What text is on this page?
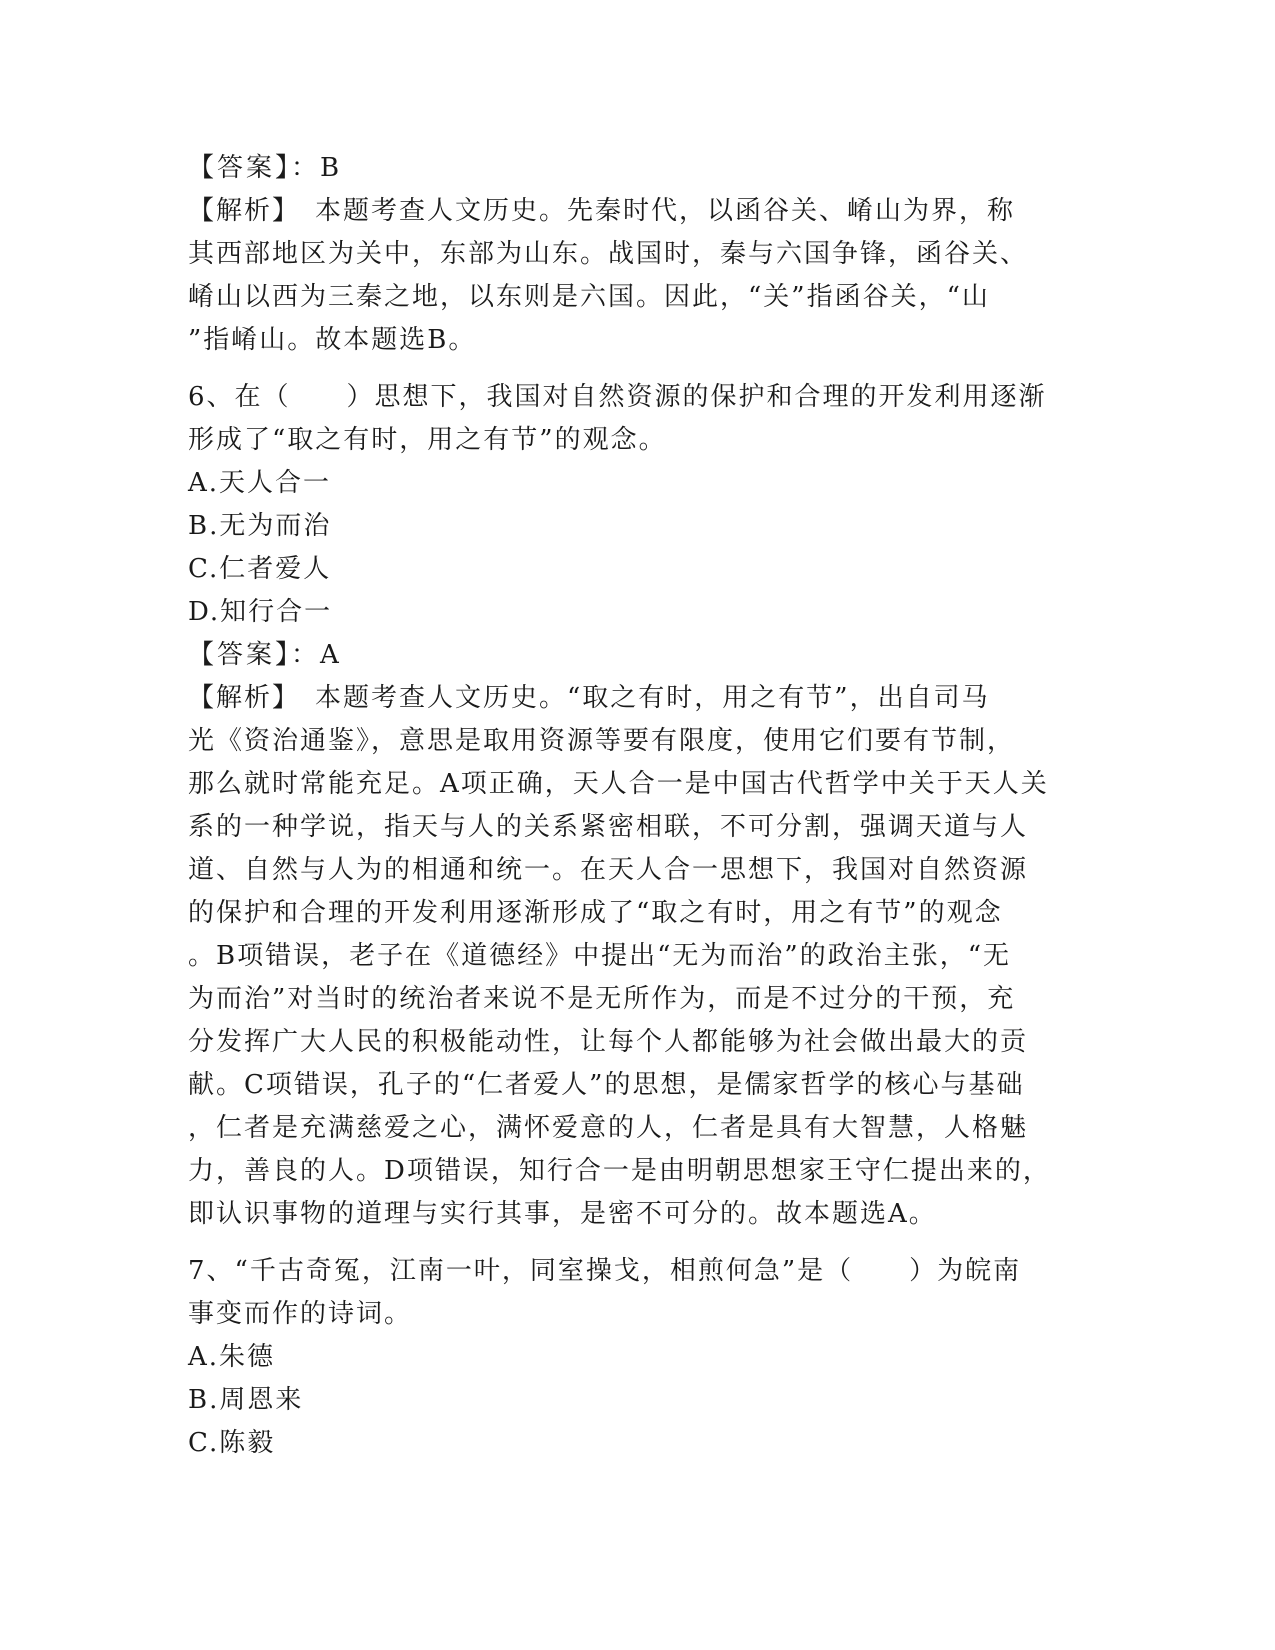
【答案】：B
【解析】　本题考查人文历史。先秦时代，以函谷关、崤山为界，称
其西部地区为关中，东部为山东。战国时，秦与六国争锋，函谷关、
崤山以西为三秦之地，以东则是六国。因此，“关”指函谷关，“山
”指崤山。故本题选B。
6、在（　　）思想下，我国对自然资源的保护和合理的开发利用逐渐
形成了“取之有时，用之有节”的观念。
A.天人合一
B.无为而治
C.仁者爱人
D.知行合一
【答案】：A
【解析】　本题考查人文历史。“取之有时，用之有节”，出自司马
光《资治通鉴》，意思是取用资源等要有限度，使用它们要有节制，
那么就时常能充足。A项正确，天人合一是中国古代哲学中关于天人关
系的一种学说，指天与人的关系紧密相联，不可分割，强调天道与人
道、自然与人为的相通和统一。在天人合一思想下，我国对自然资源
的保护和合理的开发利用逐渐形成了“取之有时，用之有节”的观念
。B项错误，老子在《道德经》中提出“无为而治”的政治主张，“无
为而治”对当时的统治者来说不是无所作为，而是不过分的干预，充
分发挥广大人民的积极能动性，让每个人都能够为社会做出最大的贡
献。C项错误，孔子的“仁者爱人”的思想，是儒家哲学的核心与基础
，仁者是充满慈爱之心，满怀爱意的人，仁者是具有大智慧，人格魅
力，善良的人。D项错误，知行合一是由明朝思想家王守仁提出来的，
即认识事物的道理与实行其事，是密不可分的。故本题选A。
7、“千古奇冤，江南一叶，同室操戈，相煎何急”是（　　）为皖南
事变而作的诗词。
A.朱德
B.周恩来
C.陈毅
